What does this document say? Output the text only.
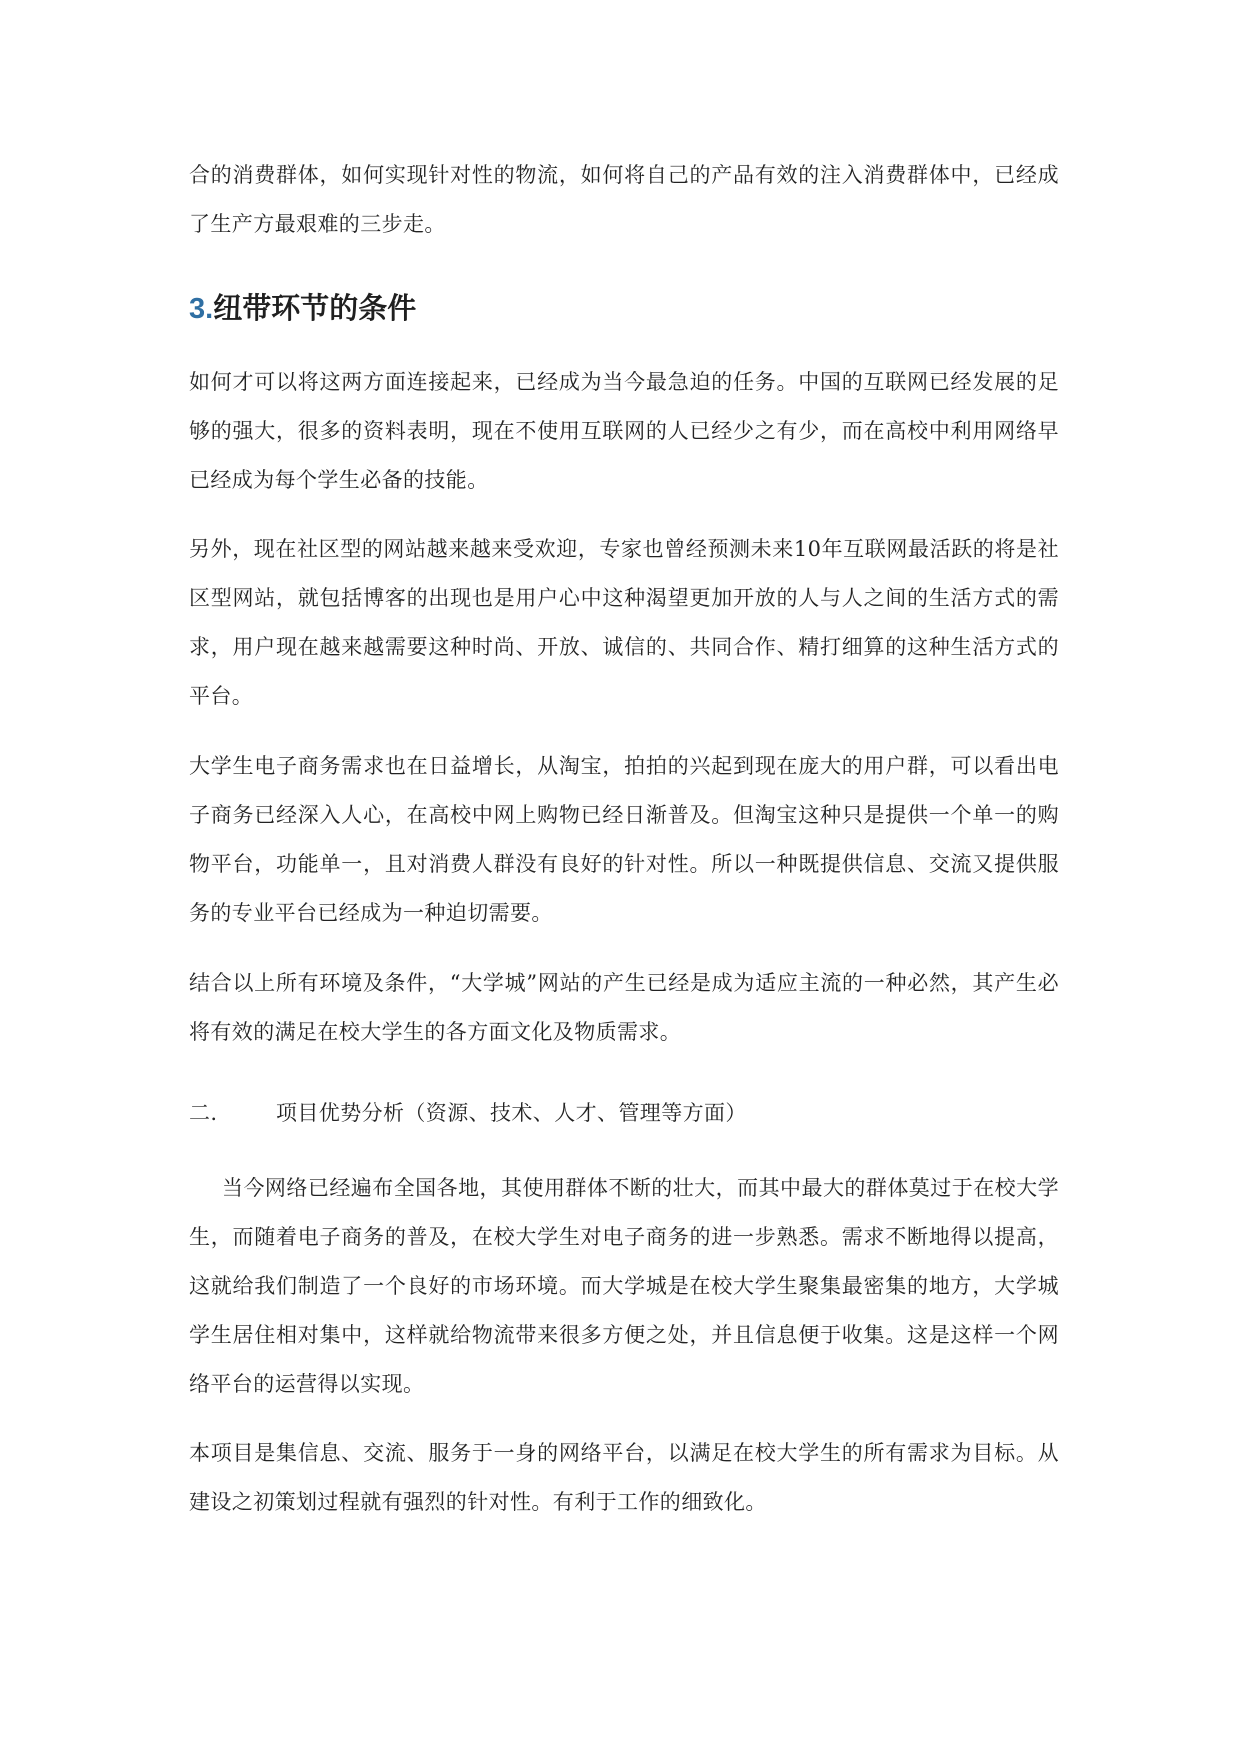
合的消费群体，如何实现针对性的物流，如何将自己的产品有效的注入消费群体中，已经成了生产方最艰难的三步走。

3.纽带环节的条件

如何才可以将这两方面连接起来，已经成为当今最急迫的任务。中国的互联网已经发展的足够的强大，很多的资料表明，现在不使用互联网的人已经少之有少，而在高校中利用网络早已经成为每个学生必备的技能。

另外，现在社区型的网站越来越来受欢迎，专家也曾经预测未来10年互联网最活跃的将是社区型网站，就包括博客的出现也是用户心中这种渴望更加开放的人与人之间的生活方式的需求，用户现在越来越需要这种时尚、开放、诚信的、共同合作、精打细算的这种生活方式的平台。

大学生电子商务需求也在日益增长，从淘宝，拍拍的兴起到现在庞大的用户群，可以看出电子商务已经深入人心，在高校中网上购物已经日渐普及。但淘宝这种只是提供一个单一的购物平台，功能单一，且对消费人群没有良好的针对性。所以一种既提供信息、交流又提供服务的专业平台已经成为一种迫切需要。

结合以上所有环境及条件，“大学城”网站的产生已经是成为适应主流的一种必然，其产生必将有效的满足在校大学生的各方面文化及物质需求。

二.	项目优势分析（资源、技术、人才、管理等方面）

当今网络已经遍布全国各地，其使用群体不断的壮大，而其中最大的群体莫过于在校大学生，而随着电子商务的普及，在校大学生对电子商务的进一步熟悉。需求不断地得以提高，这就给我们制造了一个良好的市场环境。而大学城是在校大学生聚集最密集的地方，大学城学生居住相对集中，这样就给物流带来很多方便之处，并且信息便于收集。这是这样一个网络平台的运营得以实现。

本项目是集信息、交流、服务于一身的网络平台，以满足在校大学生的所有需求为目标。从建设之初策划过程就有强烈的针对性。有利于工作的细致化。
